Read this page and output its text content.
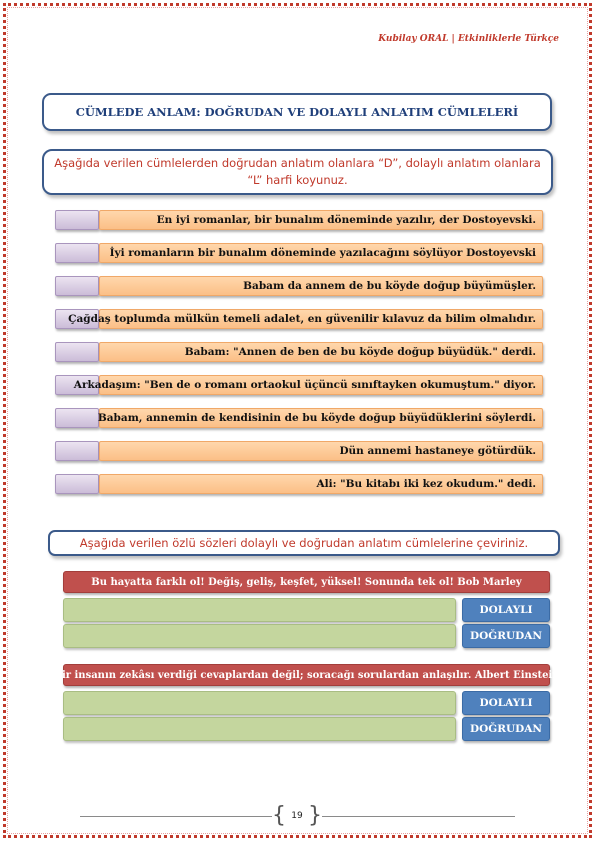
Kubilay ORAL | Etkinliklerle Türkçe
CÜMLEDE ANLAM: DOĞRUDAN VE DOLAYLI ANLATIM CÜMLELERİ
Aşağıda verilen cümlelerden doğrudan anlatım olanlara “D”, dolaylı anlatım olanlara “L” harfi koyunuz.
En iyi romanlar, bir bunalım döneminde yazılır, der Dostoyevski.
İyi romanların bir bunalım döneminde yazılacağını söylüyor Dostoyevski
Babam da annem de bu köyde doğup büyümüşler.
Çağdaş toplumda mülkün temeli adalet, en güvenilir kılavuz da bilim olmalıdır.
Babam: "Annen de ben de bu köyde doğup büyüdük." derdi.
Arkadaşım: "Ben de o romanı ortaokul üçüncü sınıftayken okumuştum." diyor.
Babam, annemin de kendisinin de bu köyde doğup büyüdüklerini söylerdi.
Dün annemi hastaneye götürdük.
Ali: "Bu kitabı iki kez okudum." dedi.
Aşağıda verilen özlü sözleri dolaylı ve doğrudan anlatım cümlelerine çeviriniz.
Bu hayatta farklı ol! Değiş, geliş, keşfet, yüksel! Sonunda tek ol! Bob Marley
DOLAYLI
DOĞRUDAN
Bir insanın zekâsı verdiği cevaplardan değil; soracağı sorulardan anlaşılır. Albert Einstein
DOLAYLI
DOĞRUDAN
{ 19 }
